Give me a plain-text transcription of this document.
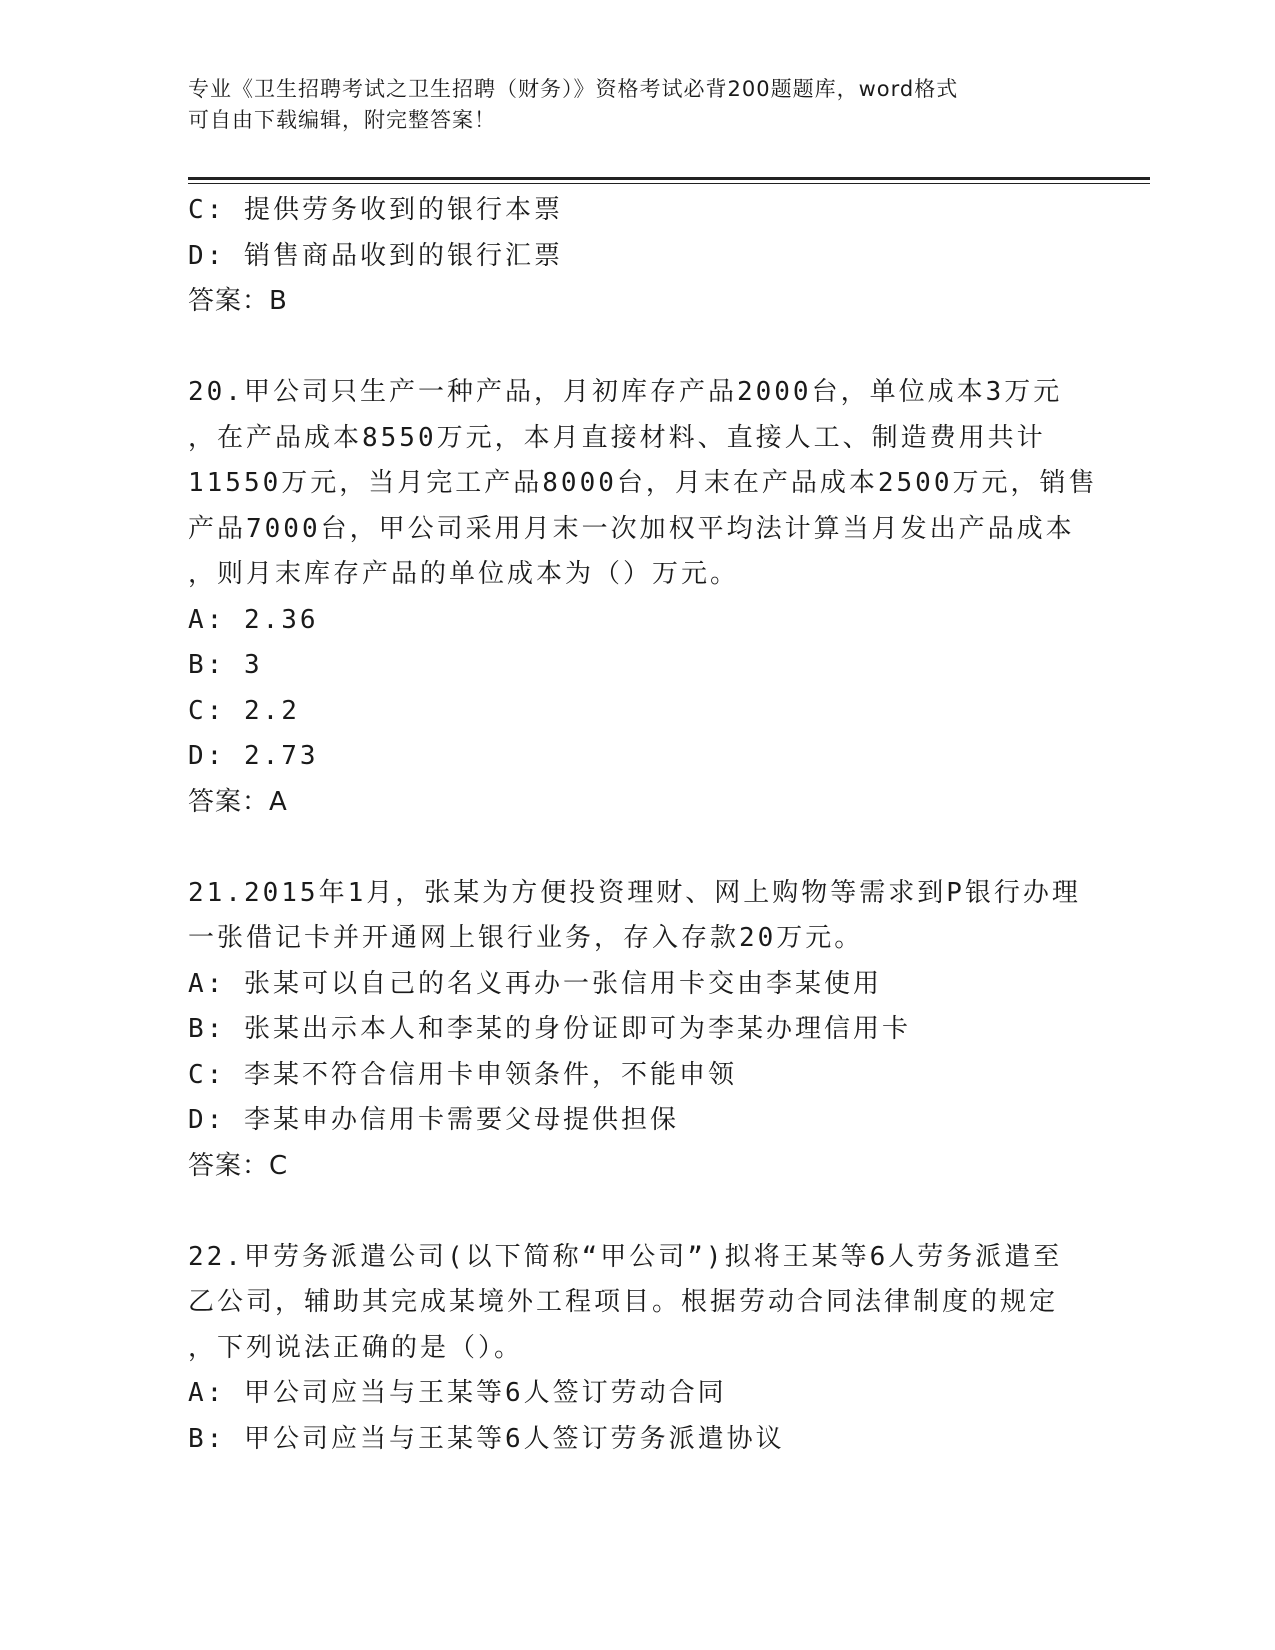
专业《卫生招聘考试之卫生招聘（财务）》资格考试必背200题题库，word格式
可自由下载编辑，附完整答案！
C: 提供劳务收到的银行本票
D: 销售商品收到的银行汇票
答案：B
20.甲公司只生产一种产品，月初库存产品2000台，单位成本3万元
，在产品成本8550万元，本月直接材料、直接人工、制造费用共计
11550万元，当月完工产品8000台，月末在产品成本2500万元，销售
产品7000台，甲公司采用月末一次加权平均法计算当月发出产品成本
，则月末库存产品的单位成本为（）万元。
A: 2.36
B: 3
C: 2.2
D: 2.73
答案：A
21.2015年1月，张某为方便投资理财、网上购物等需求到P银行办理
一张借记卡并开通网上银行业务，存入存款20万元。
A: 张某可以自己的名义再办一张信用卡交由李某使用
B: 张某出示本人和李某的身份证即可为李某办理信用卡
C: 李某不符合信用卡申领条件，不能申领
D: 李某申办信用卡需要父母提供担保
答案：C
22.甲劳务派遣公司(以下简称“甲公司”)拟将王某等6人劳务派遣至
乙公司，辅助其完成某境外工程项目。根据劳动合同法律制度的规定
，下列说法正确的是（）。
A: 甲公司应当与王某等6人签订劳动合同
B: 甲公司应当与王某等6人签订劳务派遣协议
